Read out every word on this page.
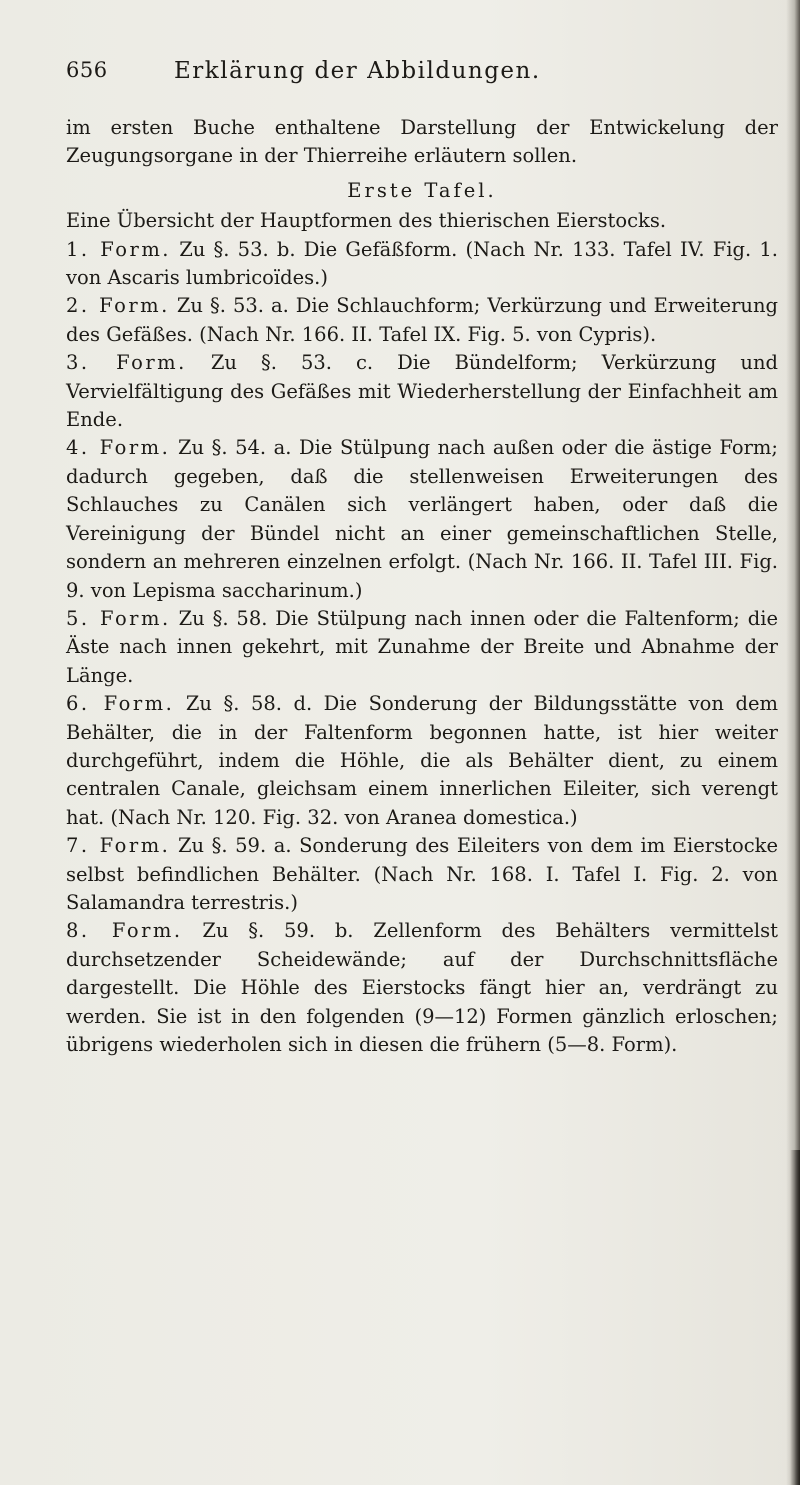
656	Erklärung der Abbildungen.

im ersten Buche enthaltene Darstellung der Entwickelung der Zeugungsorgane in der Thierreihe erläutern sollen.

Erste Tafel.

Eine Übersicht der Hauptformen des thierischen Eierstocks.

1. Form. Zu §. 53. b. Die Gefäßform. (Nach Nr. 133. Tafel IV. Fig. 1. von Ascaris lumbricoïdes.)

2. Form. Zu §. 53. a. Die Schlauchform; Verkürzung und Erweiterung des Gefäßes. (Nach Nr. 166. II. Tafel IX. Fig. 5. von Cypris).

3. Form. Zu §. 53. c. Die Bündelform; Verkürzung und Vervielfältigung des Gefäßes mit Wiederherstellung der Einfachheit am Ende.

4. Form. Zu §. 54. a. Die Stülpung nach außen oder die ästige Form; dadurch gegeben, daß die stellenweisen Erweiterungen des Schlauches zu Canälen sich verlängert haben, oder daß die Vereinigung der Bündel nicht an einer gemeinschaftlichen Stelle, sondern an mehreren einzelnen erfolgt. (Nach Nr. 166. II. Tafel III. Fig. 9. von Lepisma saccharinum.)

5. Form. Zu §. 58. Die Stülpung nach innen oder die Faltenform; die Äste nach innen gekehrt, mit Zunahme der Breite und Abnahme der Länge.

6. Form. Zu §. 58. d. Die Sonderung der Bildungsstätte von dem Behälter, die in der Faltenform begonnen hatte, ist hier weiter durchgeführt, indem die Höhle, die als Behälter dient, zu einem centralen Canale, gleichsam einem innerlichen Eileiter, sich verengt hat. (Nach Nr. 120. Fig. 32. von Aranea domestica.)

7. Form. Zu §. 59. a. Sonderung des Eileiters von dem im Eierstocke selbst befindlichen Behälter. (Nach Nr. 168. I. Tafel I. Fig. 2. von Salamandra terrestris.)

8. Form. Zu §. 59. b. Zellenform des Behälters vermittelst durchsetzender Scheidewände; auf der Durchschnittsfläche dargestellt. Die Höhle des Eierstocks fängt hier an, verdrängt zu werden. Sie ist in den folgenden (9—12) Formen gänzlich erloschen; übrigens wiederholen sich in diesen die frühern (5—8. Form).
